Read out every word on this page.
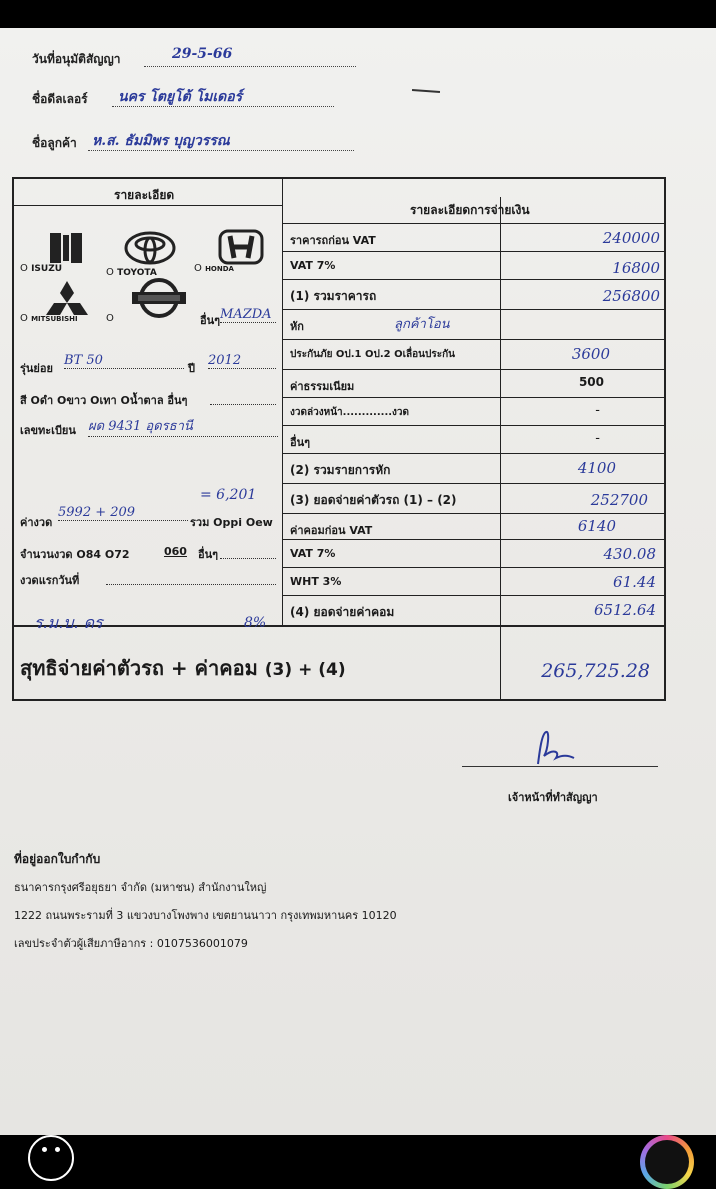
วันที่อนุมัติสัญญา	29-5-66
ชื่อดีลเลอร์ นคร โตยูโต้ โมเดอร์
ชื่อลูกค้า ห.ส. ธัมมิพร บุญวรรณ
รายละเอียด
รายละเอียดการจ่ายเงิน
O ISUZU	O TOYOTA	O HONDA
O MITSUBISHI	อื่นๆ MAZDA
รุ่นย่อย
BT 50
ปี
2012
สี Oดำ Oขาว Oเทา Oน้ำตาล อื่นๆ
เลขทะเบียน ผด 9431 อุดรธานี
= 6,201
ค่างวด
5992 + 209
รวม Oppi Oew
จำนวนงวด O84 O72	060 อื่นๆ
งวดแรกวันที่
ร.ม.บ. ดร	8%
ราคารถก่อน VAT	240000
VAT 7%	16800
(1) รวมราคารถ	256800
หัก	ลูกค้าโอน
ประกันภัย Oป.1 Oป.2 Oเลื่อนประกัน	3600
ค่าธรรมเนียม	500
งวดล่วงหน้า.............งวด	-
อื่นๆ	-
(2) รวมรายการหัก	4100
(3) ยอดจ่ายค่าตัวรถ (1) – (2)	252700
ค่าคอมก่อน VAT	6140
VAT 7%	430.08
WHT 3%	61.44
(4) ยอดจ่ายค่าคอม	6512.64
สุทธิจ่ายค่าตัวรถ + ค่าคอม (3) + (4)	265,725.28
เจ้าหน้าที่ทำสัญญา
ที่อยู่ออกใบกำกับ
ธนาคารกรุงศรีอยุธยา จำกัด (มหาชน) สำนักงานใหญ่
1222 ถนนพระรามที่ 3 แขวงบางโพงพาง เขตยานนาวา กรุงเทพมหานคร 10120
เลขประจำตัวผู้เสียภาษีอากร : 0107536001079
